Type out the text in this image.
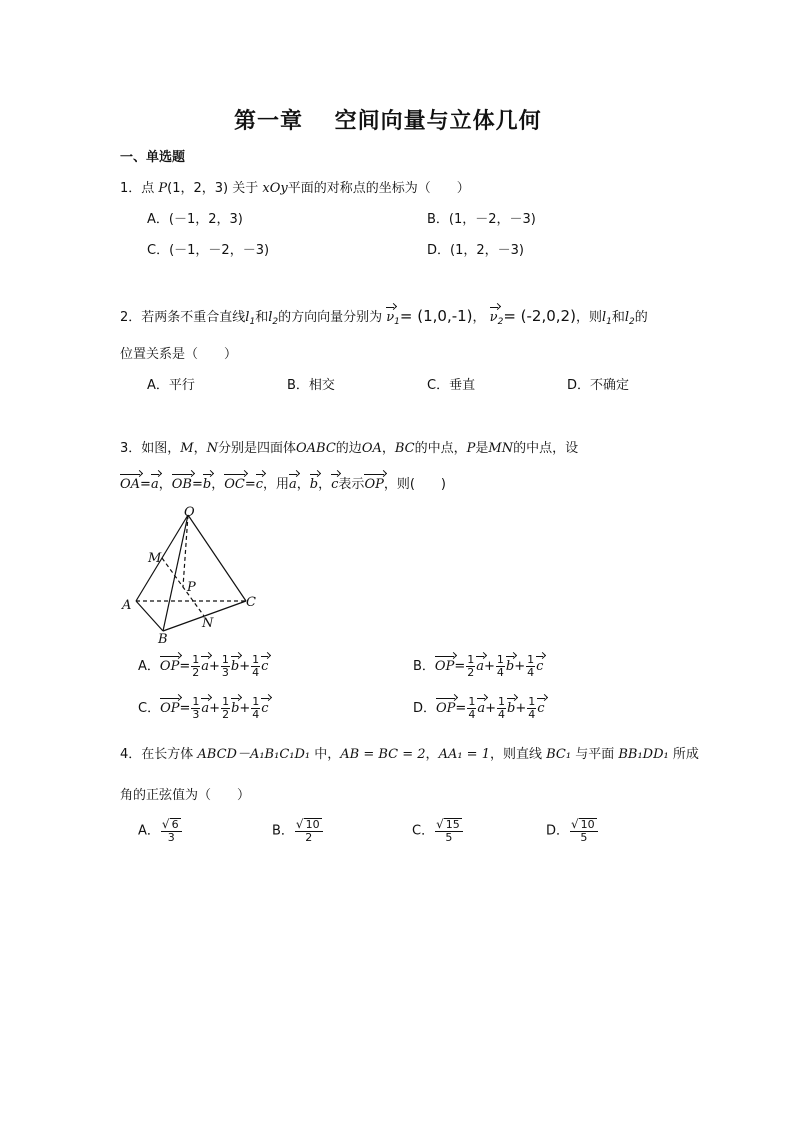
第一章　 空间向量与立体几何
一、单选题
1．点 P(1，2，3) 关于 xOy平面的对称点的坐标为（　　）
A．(－1，2，3)	B．(1，－2，－3)
C．(－1，－2，－3)	D．(1，2，－3)
2．若两条不重合直线$l_1$和$l_2$的方向向量分别为 $\nu_1= (1,0,-1)$， $\nu_2= (-2,0,2)$，则$l_1$和$l_2$的
位置关系是（　　）
A．平行	B．相交	C．垂直	D．不确定
3．如图，M，N分别是四面体OABC的边OA，BC的中点，P是MN的中点，设
OA=a，OB=b，OC=c，用a，b，c表示OP，则(　　)
O
M
P
A	C
B
N
A．$OP= \frac{1}{2} a+ \frac{1}{3} b+ \frac{1}{4}$ c	B．$OP= \frac{1}{2} a+ \frac{1}{4} b+ \frac{1}{4}$ c
C．$OP= \frac{1}{3} a+ \frac{1}{2} b+ \frac{1}{4}$ c	D．$OP= \frac{1}{4} a+ \frac{1}{4} b+ \frac{1}{4}$ c
4．在长方体 ABCD－A₁B₁C₁D₁ 中，AB = BC = 2，AA₁ = 1，则直线 BC₁ 与平面 BB₁DD₁ 所成
角的正弦值为（　　）
A． $\frac{√ 6}{3}$	B． $\frac{√ 10}{2}$	C． $\frac{√ 15}{5}$	D． $\frac{√ 10}{5}$
